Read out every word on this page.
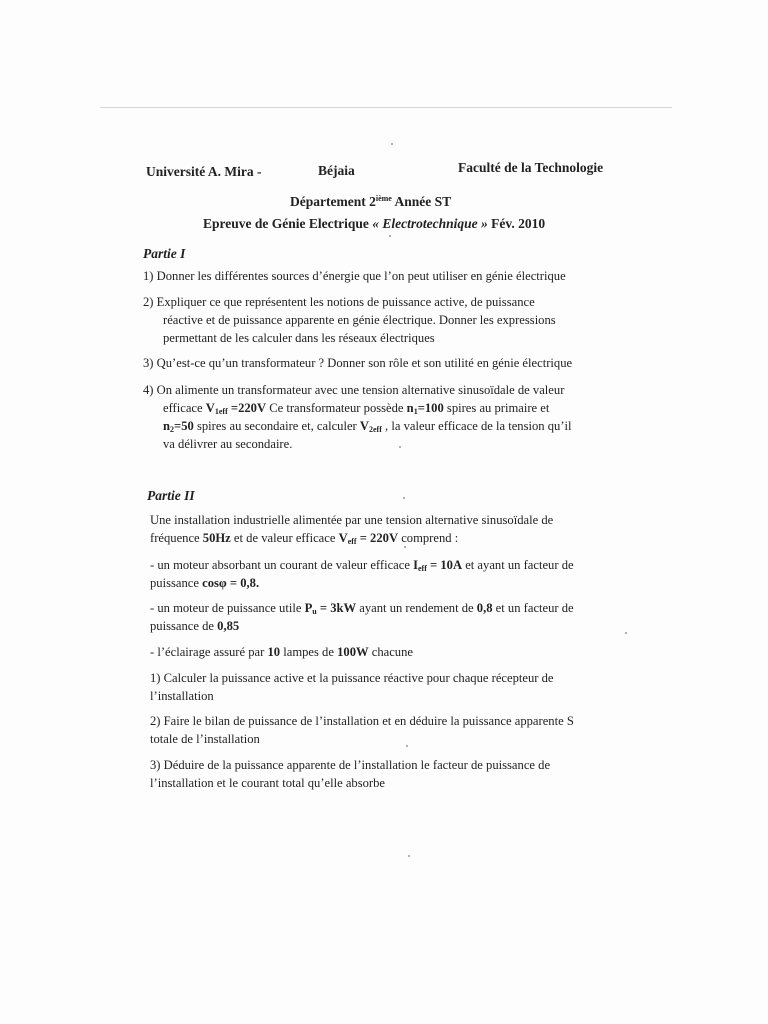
Université A. Mira -	Béjaia	Faculté de la Technologie
Département 2ième Année ST
Epreuve de Génie Electrique « Electrotechnique » Fév. 2010
Partie I
1) Donner les différentes sources d’énergie que l’on peut utiliser en génie électrique
2) Expliquer ce que représentent les notions de puissance active, de puissance
réactive et de puissance apparente en génie électrique. Donner les expressions
permettant de les calculer dans les réseaux électriques
3) Qu’est-ce qu’un transformateur ? Donner son rôle et son utilité en génie électrique
4) On alimente un transformateur avec une tension alternative sinusoïdale de valeur
efficace $V_{1eff} =220V$ Ce transformateur possède $n_1=100$ spires au primaire et
$n_2=50$ spires au secondaire et, calculer $V_{2eff}$ , la valeur efficace de la tension qu’il
va délivrer au secondaire.
Partie II
Une installation industrielle alimentée par une tension alternative sinusoïdale de
fréquence 50Hz et de valeur efficace $V_{eff} = 220V$ comprend :
- un moteur absorbant un courant de valeur efficace $I_{eff} = 10A$ et ayant un facteur de
puissance cosφ = 0,8.
- un moteur de puissance utile $P_u = 3kW$ ayant un rendement de 0,8 et un facteur de
puissance de 0,85
- l’éclairage assuré par 10 lampes de 100W chacune
1) Calculer la puissance active et la puissance réactive pour chaque récepteur de
l’installation
2) Faire le bilan de puissance de l’installation et en déduire la puissance apparente S
totale de l’installation
3) Déduire de la puissance apparente de l’installation le facteur de puissance de
l’installation et le courant total qu’elle absorbe
